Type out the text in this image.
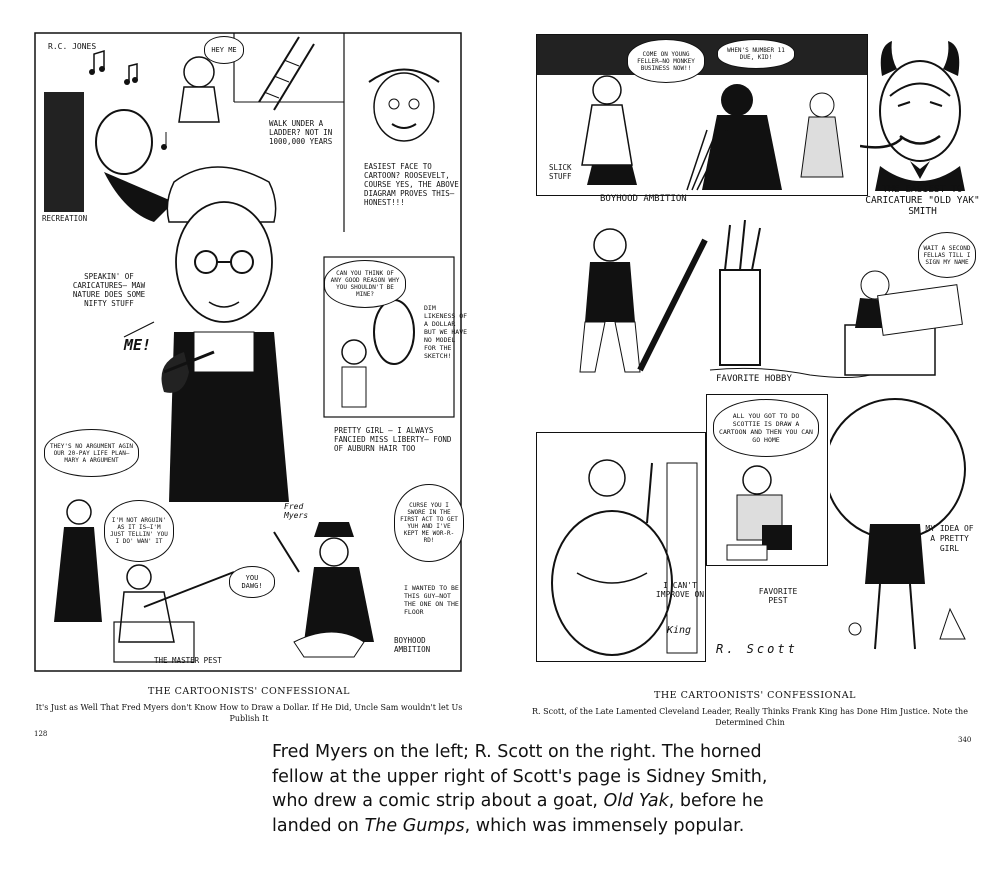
R.C. JONES	HEY ME
WALK UNDER A LADDER? NOT IN 1000,000 YEARS
RECREATION
EASIEST FACE TO CARTOON? ROOSEVELT, COURSE YES, THE ABOVE DIAGRAM PROVES THIS—HONEST!!!
SPEAKIN' OF CARICATURES— MAW NATURE DOES SOME NIFTY STUFF
ME!
CAN YOU THINK OF ANY GOOD REASON WHY YOU SHOULDN'T BE MINE?
DIM LIKENESS OF A DOLLAR BUT WE HAVE NO MODEL FOR THE SKETCH!
PRETTY GIRL — I ALWAYS FANCIED MISS LIBERTY— FOND OF AUBURN HAIR TOO
THEY'S NO ARGUMENT AGIN OUR 20-PAY LIFE PLAN—MARY A ARGUMENT
I'M NOT ARGUIN' AS IT IS—I'M JUST TELLIN' YOU I DO' WAN' IT
Fred Myers
CURSE YOU I SWORE IN THE FIRST ACT TO GET YUH AND I'VE KEPT ME WOR-R-RD!
YOU DAWG!	I WANTED TO BE THIS GUY—NOT THE ONE ON THE FLOOR
BOYHOOD AMBITION
THE MASTER PEST
THE CARTOONISTS' CONFESSIONAL
It's Just as Well That Fred Myers don't Know How to Draw a Dollar. If He Did, Uncle Sam wouldn't let Us Publish It
128
COME ON YOUNG FELLER—NO MONKEY BUSINESS NOW!!
WHEN'S NUMBER 11 DUE, KID!
SLICK STUFF
BOYHOOD AMBITION
THE EASIEST TO CARICATURE "OLD YAK" SMITH
WAIT A SECOND FELLAS TILL I SIGN MY NAME
FAVORITE HOBBY
I CAN'T IMPROVE ON
King
ALL YOU GOT TO DO SCOTTIE IS DRAW A CARTOON AND THEN YOU CAN GO HOME
FAVORITE PEST
MY IDEA OF A PRETTY GIRL
R. Scott
THE CARTOONISTS' CONFESSIONAL
R. Scott, of the Late Lamented Cleveland Leader, Really Thinks Frank King has Done Him Justice. Note the Determined Chin
340
Fred Myers on the left; R. Scott on the right. The horned
fellow at the upper right of Scott's page is Sidney Smith,
who drew a comic strip about a goat, Old Yak, before he
landed on The Gumps, which was immensely popular.
